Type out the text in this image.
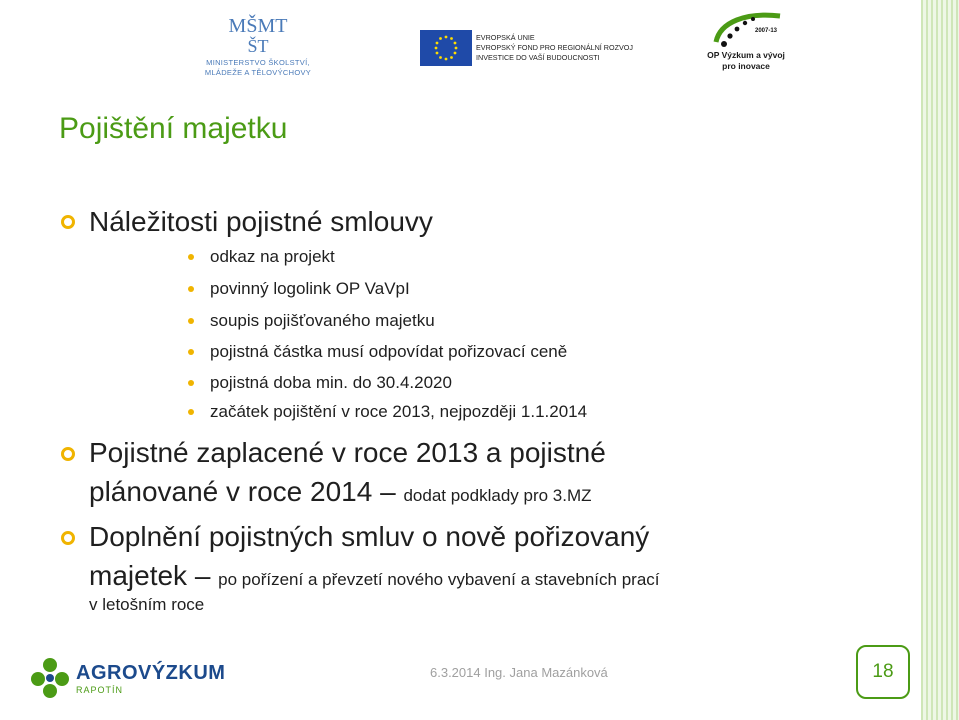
MŠMT
ŠT
MINISTERSTVO ŠKOLSTVÍ,
MLÁDEŽE A TĚLOVÝCHOVY
EVROPSKÁ UNIE
EVROPSKÝ FOND PRO REGIONÁLNÍ ROZVOJ
INVESTICE DO VAŠÍ BUDOUCNOSTI
2007-13
OP Výzkum a vývoj
pro inovace
Pojištění majetku
Náležitosti pojistné smlouvy
odkaz na projekt
povinný logolink OP VaVpI
soupis pojišťovaného majetku
pojistná částka musí odpovídat pořizovací ceně
pojistná doba min. do 30.4.2020
začátek pojištění v roce 2013, nejpozději 1.1.2014
Pojistné zaplacené v roce 2013 a pojistné
plánované v roce 2014 – dodat podklady pro 3.MZ
Doplnění pojistných smluv o nově pořizovaný
majetek – po pořízení a převzetí nového vybavení a stavebních prací
v letošním roce
AGROVÝZKUM
RAPOTÍN
6.3.2014 Ing. Jana Mazánková	18
